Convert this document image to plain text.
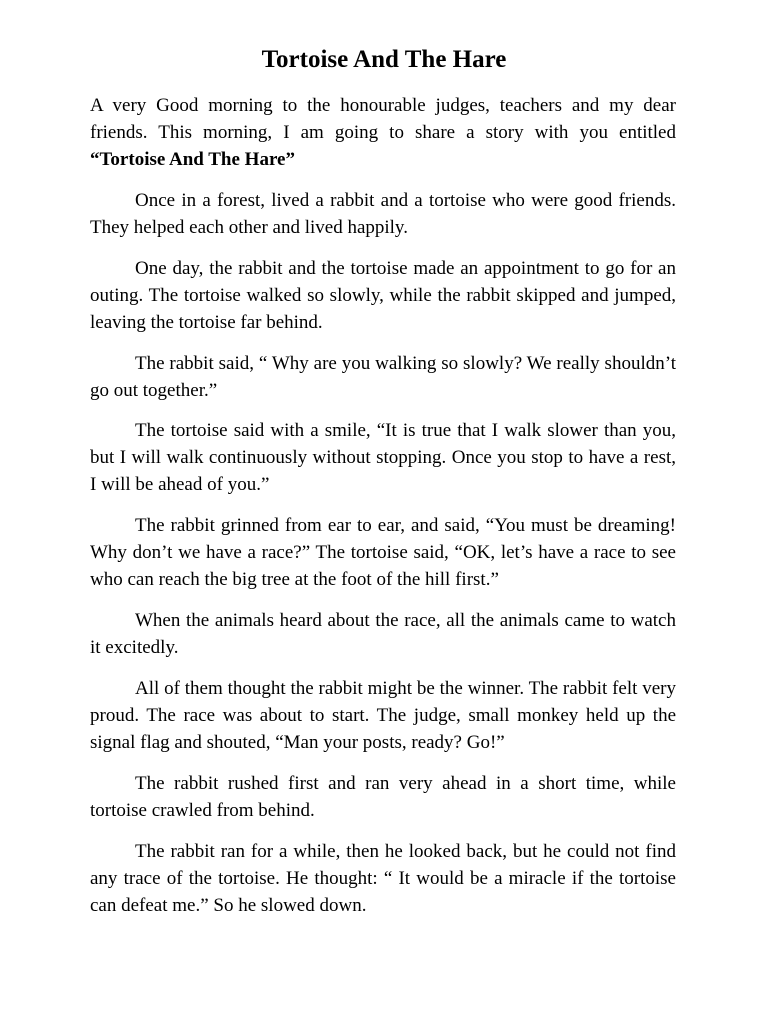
Tortoise And The Hare

A very Good morning to the honourable judges, teachers and my dear friends. This morning, I am going to share a story with you entitled “Tortoise And The Hare”

Once in a forest, lived a rabbit and a tortoise who were good friends. They helped each other and lived happily.

One day, the rabbit and the tortoise made an appointment to go for an outing. The tortoise walked so slowly, while the rabbit skipped and jumped, leaving the tortoise far behind.

The rabbit said, “ Why are you walking so slowly? We really shouldn’t go out together.”

The tortoise said with a smile, “It is true that I walk slower than you, but I will walk continuously without stopping. Once you stop to have a rest, I will be ahead of you.”

The rabbit grinned from ear to ear, and said, “You must be dreaming! Why don’t we have a race?” The tortoise said, “OK, let’s have a race to see who can reach the big tree at the foot of the hill first.”

When the animals heard about the race, all the animals came to watch it excitedly.

All of them thought the rabbit might be the winner. The rabbit felt very proud. The race was about to start. The judge, small monkey held up the signal flag and shouted, “Man your posts, ready? Go!”

The rabbit rushed first and ran very ahead in a short time, while tortoise crawled from behind.

The rabbit ran for a while, then he looked back, but he could not find any trace of the tortoise. He thought: “ It would be a miracle if the tortoise can defeat me.” So he slowed down.
